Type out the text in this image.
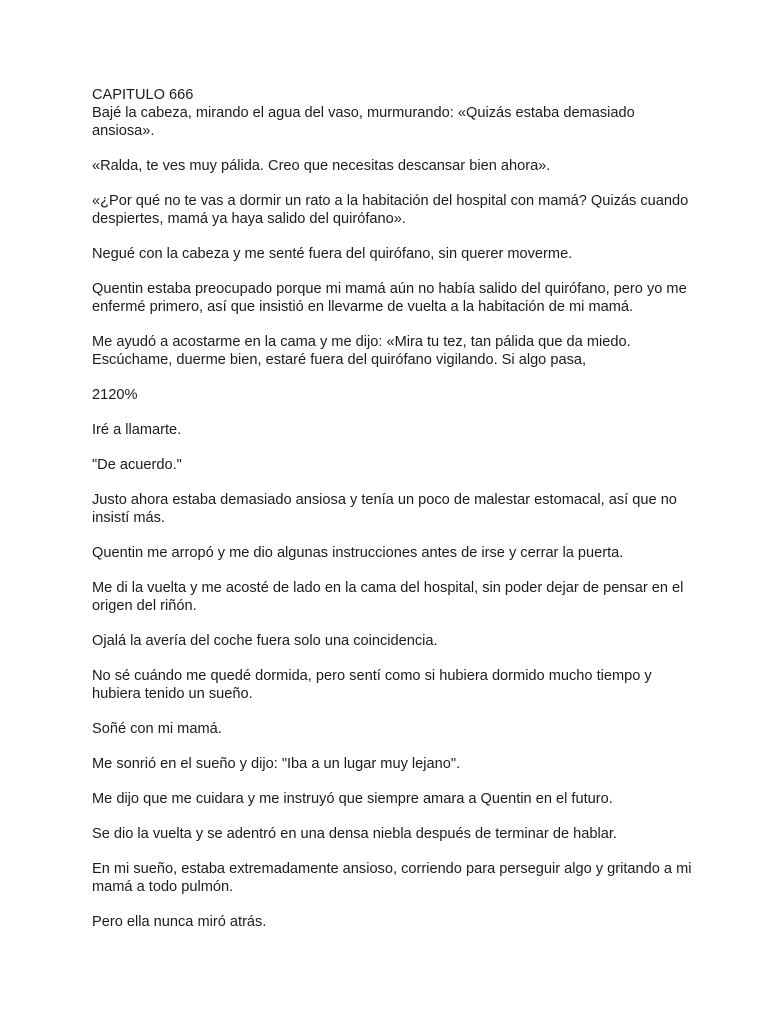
CAPITULO 666

Bajé la cabeza, mirando el agua del vaso, murmurando: «Quizás estaba demasiado ansiosa».

«Ralda, te ves muy pálida. Creo que necesitas descansar bien ahora».

«¿Por qué no te vas a dormir un rato a la habitación del hospital con mamá? Quizás cuando despiertes, mamá ya haya salido del quirófano».

Negué con la cabeza y me senté fuera del quirófano, sin querer moverme.

Quentin estaba preocupado porque mi mamá aún no había salido del quirófano, pero yo me enfermé primero, así que insistió en llevarme de vuelta a la habitación de mi mamá.

Me ayudó a acostarme en la cama y me dijo: «Mira tu tez, tan pálida que da miedo. Escúchame, duerme bien, estaré fuera del quirófano vigilando. Si algo pasa,

2120%

Iré a llamarte.

"De acuerdo."

Justo ahora estaba demasiado ansiosa y tenía un poco de malestar estomacal, así que no insistí más.

Quentin me arropó y me dio algunas instrucciones antes de irse y cerrar la puerta.

Me di la vuelta y me acosté de lado en la cama del hospital, sin poder dejar de pensar en el origen del riñón.

Ojalá la avería del coche fuera solo una coincidencia.

No sé cuándo me quedé dormida, pero sentí como si hubiera dormido mucho tiempo y hubiera tenido un sueño.

Soñé con mi mamá.

Me sonrió en el sueño y dijo: "Iba a un lugar muy lejano".

Me dijo que me cuidara y me instruyó que siempre amara a Quentin en el futuro.

Se dio la vuelta y se adentró en una densa niebla después de terminar de hablar.

En mi sueño, estaba extremadamente ansioso, corriendo para perseguir algo y gritando a mi mamá a todo pulmón.

Pero ella nunca miró atrás.
